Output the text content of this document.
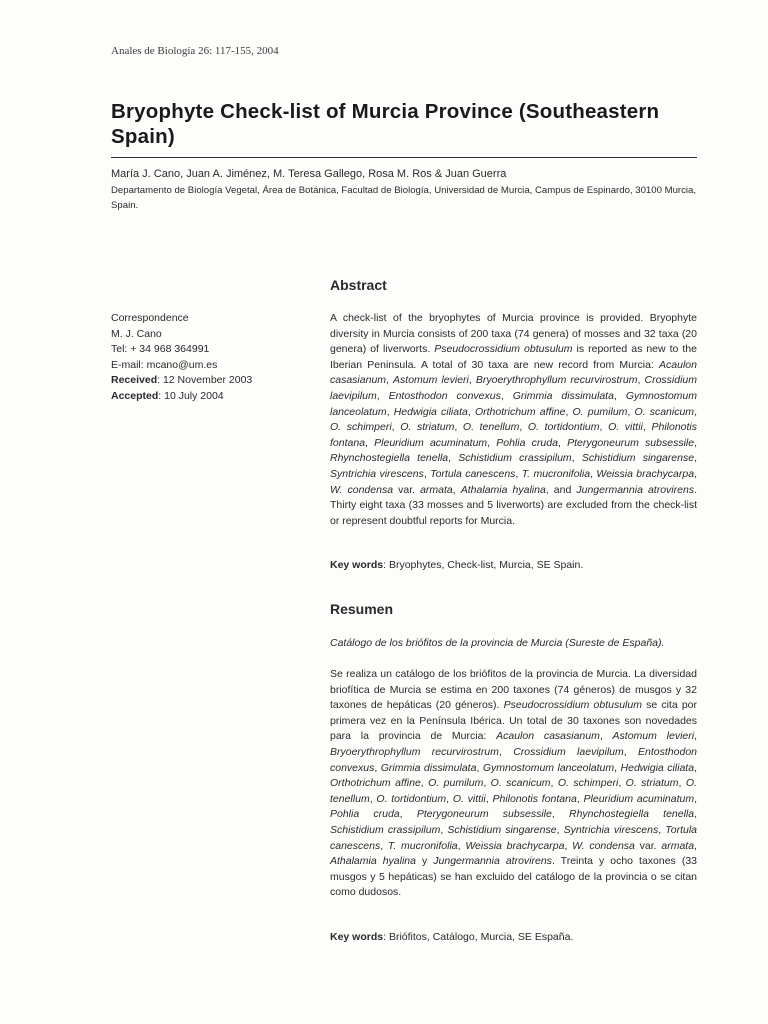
Anales de Biología 26: 117-155, 2004
Bryophyte Check-list of Murcia Province (Southeastern Spain)
María J. Cano, Juan A. Jiménez, M. Teresa Gallego, Rosa M. Ros & Juan Guerra
Departamento de Biología Vegetal, Área de Botánica, Facultad de Biología, Universidad de Murcia, Campus de Espinardo, 30100 Murcia, Spain.
Abstract
Correspondence
M. J. Cano
Tel: + 34 968 364991
E-mail: mcano@um.es
Received: 12 November 2003
Accepted: 10 July 2004

A check-list of the bryophytes of Murcia province is provided. Bryophyte diversity in Murcia consists of 200 taxa (74 genera) of mosses and 32 taxa (20 genera) of liverworts. Pseudocrossidium obtusulum is reported as new to the Iberian Peninsula. A total of 30 taxa are new record from Murcia: Acaulon casasianum, Astomum levieri, Bryoerythrophyllum recurvirostrum, Crossidium laevipilum, Entosthodon convexus, Grimmia dissimulata, Gymnostomum lanceolatum, Hedwigia ciliata, Orthotrichum affine, O. pumilum, O. scanicum, O. schimperi, O. striatum, O. tenellum, O. tortidontium, O. vittii, Philonotis fontana, Pleuridium acuminatum, Pohlia cruda, Pterygoneurum subsessile, Rhynchostegiella tenella, Schistidium crassipilum, Schistidium singarense, Syntrichia virescens, Tortula canescens, T. mucronifolia, Weissia brachycarpa, W. condensa var. armata, Athalamia hyalina, and Jungermannia atrovirens. Thirty eight taxa (33 mosses and 5 liverworts) are excluded from the check-list or represent doubtful reports for Murcia.

Key words: Bryophytes, Check-list, Murcia, SE Spain.
Resumen
Catálogo de los briófitos de la provincia de Murcia (Sureste de España).

Se realiza un catálogo de los briófitos de la provincia de Murcia. La diversidad briofítica de Murcia se estima en 200 taxones (74 géneros) de musgos y 32 taxones de hepáticas (20 géneros). Pseudocrossidium obtusulum se cita por primera vez en la Península Ibérica. Un total de 30 taxones son novedades para la provincia de Murcia: Acaulon casasianum, Astomum levieri, Bryoerythrophyllum recurvirostrum, Crossidium laevipilum, Entosthodon convexus, Grimmia dissimulata, Gymnostomum lanceolatum, Hedwigia ciliata, Orthotrichum affine, O. pumilum, O. scanicum, O. schimperi, O. striatum, O. tenellum, O. tortidontium, O. vittii, Philonotis fontana, Pleuridium acuminatum, Pohlia cruda, Pterygoneurum subsessile, Rhynchostegiella tenella, Schistidium crassipilum, Schistidium singarense, Syntrichia virescens, Tortula canescens, T. mucronifolia, Weissia brachycarpa, W. condensa var. armata, Athalamia hyalina y Jungermannia atrovirens. Treinta y ocho taxones (33 musgos y 5 hepáticas) se han excluido del catálogo de la provincia o se citan como dudosos.

Key words: Briófitos, Catálogo, Murcia, SE España.
